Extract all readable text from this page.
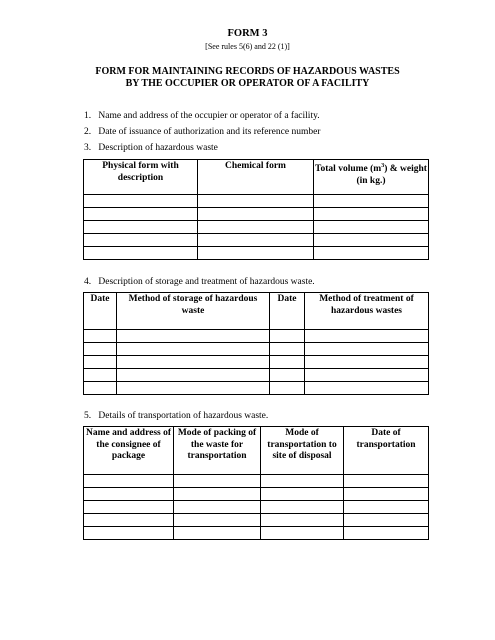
FORM 3
[See rules 5(6) and 22 (1)]
FORM FOR MAINTAINING RECORDS OF HAZARDOUS WASTES
BY THE OCCUPIER OR OPERATOR OF A FACILITY
1. Name and address of the occupier or operator of a facility.
2. Date of issuance of authorization and its reference number
3. Description of hazardous waste
Physical form with description	Chemical form	Total volume $(m^3)$ & weight (in kg.)

4. Description of storage and treatment of hazardous waste.
Date	Method of storage of hazardous waste	Date	Method of treatment of hazardous wastes

5. Details of transportation of hazardous waste.
Name and address of the consignee of package	Mode of packing of the waste for transportation	Mode of transportation to site of disposal	Date of transportation
